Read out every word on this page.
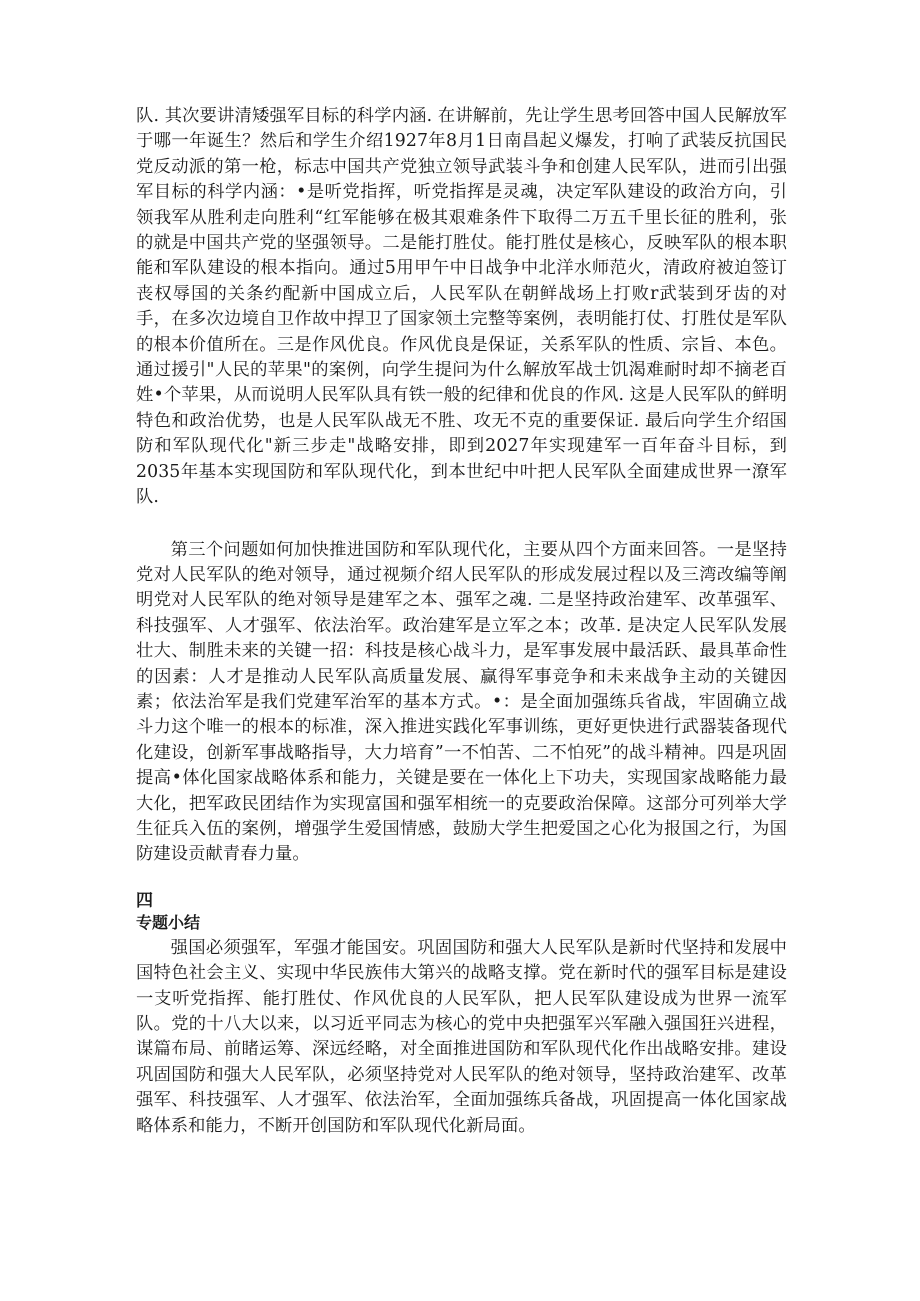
队. 其次要讲清矮强军目标的科学内涵. 在讲解前，先让学生思考回答中国人民解放军于哪一年诞生？然后和学生介绍1927年8月1日南昌起义爆发，打响了武装反抗国民党反动派的第一枪，标志中国共产党独立领导武装斗争和创建人民军队，进而引出强军目标的科学内涵：•是听党指挥，听党指挥是灵魂，决定军队建设的政治方向，引领我军从胜利走向胜利“红军能够在极其艰难条件下取得二万五千里长征的胜利，张的就是中国共产党的坚强领导。二是能打胜仗。能打胜仗是核心，反映军队的根本职能和军队建设的根本指向。通过5用甲午中日战争中北洋水师范火，清政府被迫签订丧权辱国的关条约配新中国成立后，人民军队在朝鲜战场上打败r武装到牙齿的对手，在多次边境自卫作故中捍卫了国家领土完整等案例，表明能打仗、打胜仗是军队的根本价值所在。三是作风优良。作风优良是保证，关系军队的性质、宗旨、本色。通过援引"人民的苹果"的案例，向学生提问为什么解放军战士饥渴难耐时却不摘老百姓•个苹果，从而说明人民军队具有铁一般的纪律和优良的作风. 这是人民军队的鲜明特色和政治优势，也是人民军队战无不胜、攻无不克的重要保证. 最后向学生介绍国防和军队现代化"新三步走"战略安排，即到2027年实现建军一百年奋斗目标，到2035年基本实现国防和军队现代化，到本世纪中叶把人民军队全面建成世界一潦军队.

第三个问题如何加快推进国防和军队现代化，主要从四个方面来回答。一是坚持党对人民军队的绝对领导，通过视频介绍人民军队的形成发展过程以及三湾改编等阐明党对人民军队的绝对领导是建军之本、强军之魂. 二是坚持政治建军、改革强军、科技强军、人才强军、依法治军。政治建军是立军之本；改革. 是决定人民军队发展壮大、制胜未来的关键一招：科技是核心战斗力，是军事发展中最活跃、最具革命性的因素：人才是推动人民军队高质量发展、赢得军事竞争和未来战争主动的关键因素；依法治军是我们党建军治军的基本方式。•：是全面加强练兵省战，牢固确立战斗力这个唯一的根本的标准，深入推进实践化军事训练，更好更快进行武器装备现代化建设，创新军事战略指导，大力培育”一不怕苦、二不怕死”的战斗精神。四是巩固提高•体化国家战略体系和能力，关键是要在一体化上下功夫，实现国家战略能力最大化，把军政民团结作为实现富国和强军相统一的克要政治保障。这部分可列举大学生征兵入伍的案例，增强学生爱国情感，鼓励大学生把爱国之心化为报国之行，为国防建设贡献青春力量。

四

专题小结

强国必须强军，军强才能国安。巩固国防和强大人民军队是新时代坚持和发展中国特色社会主义、实现中华民族伟大第兴的战略支撑。党在新时代的强军目标是建设一支听党指挥、能打胜仗、作风优良的人民军队，把人民军队建设成为世界一流军队。党的十八大以来，以习近平同志为核心的党中央把强军兴军融入强国狂兴进程，谋篇布局、前睹运筹、深远经略，对全面推进国防和军队现代化作出战略安排。建设巩固国防和强大人民军队，必须坚持党对人民军队的绝对领导，坚持政治建军、改革强军、科技强军、人才强军、依法治军，全面加强练兵备战，巩固提高一体化国家战略体系和能力，不断开创国防和军队现代化新局面。
